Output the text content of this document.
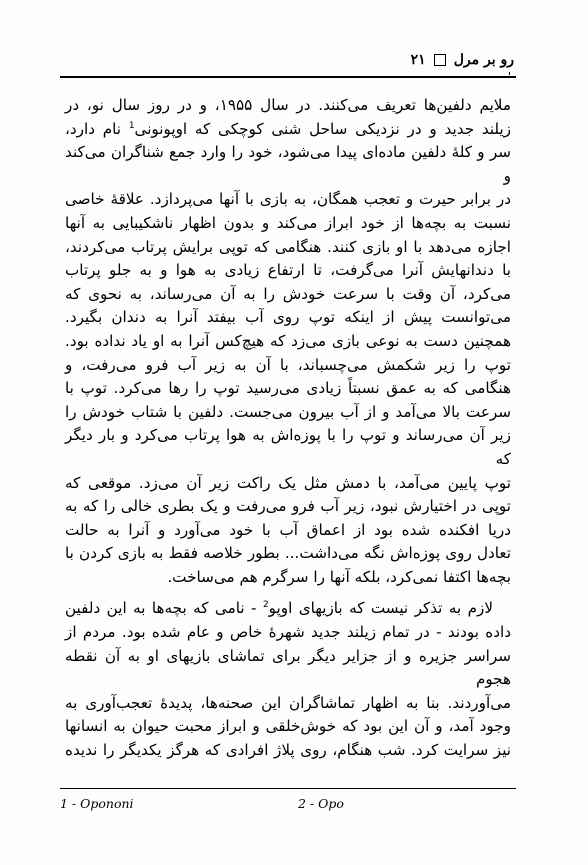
رو بر مرل
۲۱

ملایم دلفین‌ها تعریف می‌کنند. در سال ۱۹۵۵، و در روز سال نو، در

زیلند جدید و در نزدیکی ساحل شنی کوچکی که اوپونونی$^1$ نام دارد،

سر و کلهٔ دلفین ماده‌ای پیدا می‌شود، خود را وارد جمع شناگران می‌کند و

در برابر حیرت و تعجب همگان، به بازی با آنها می‌پردازد. علاقهٔ خاصی

نسبت به بچه‌ها از خود ابراز می‌کند و بدون اظهار ناشکیبایی به آنها

اجازه می‌دهد با او بازی کنند. هنگامی که توپی برایش پرتاب می‌کردند،

با دندانهایش آنرا می‌گرفت، تا ارتفاع زیادی به هوا و به جلو پرتاب

می‌کرد، آن وقت با سرعت خودش را به آن می‌رساند، به نحوی که

می‌توانست پیش از اینکه توپ روی آب بیفتد آنرا به دندان بگیرد.

همچنین دست به نوعی بازی می‌زد که هیچ‌کس آنرا به او یاد نداده بود.

توپ را زیر شکمش می‌چسباند، با آن به زیر آب فرو می‌رفت، و

هنگامی که به عمق نسبتاً زیادی می‌رسید توپ را رها می‌کرد. توپ با

سرعت بالا می‌آمد و از آب بیرون می‌جست. دلفین با شتاب خودش را

زیر آن می‌رساند و توپ را با پوزه‌اش به هوا پرتاب می‌کرد و بار دیگر که

توپ پایین می‌آمد، با دمش مثل یک راکت زیر آن می‌زد. موقعی که

توپی در اختیارش نبود، زیر آب فرو می‌رفت و یک بطری خالی را که به

دریا افکنده شده بود از اعماق آب با خود می‌آورد و آنرا به حالت

تعادل روی پوزه‌اش نگه می‌داشت... بطور خلاصه فقط به بازی کردن با

بچه‌ها اکتفا نمی‌کرد، بلکه آنها را سرگرم هم می‌ساخت.

لازم به تذکر نیست که بازیهای اوپو$^2$ - نامی که بچه‌ها به این دلفین

داده بودند - در تمام زیلند جدید شهرهٔ خاص و عام شده بود. مردم از

سراسر جزیره و از جزایر دیگر برای تماشای بازیهای او به آن نقطه هجوم

می‌آوردند. بنا به اظهار تماشاگران این صحنه‌ها، پدیدهٔ تعجب‌آوری به

وجود آمد، و آن این بود که خوش‌خلقی و ابراز محبت حیوان به انسانها

نیز سرایت کرد. شب هنگام، روی پلاژ افرادی که هرگز یکدیگر را ندیده

1 - Opononi	2 - Opo
